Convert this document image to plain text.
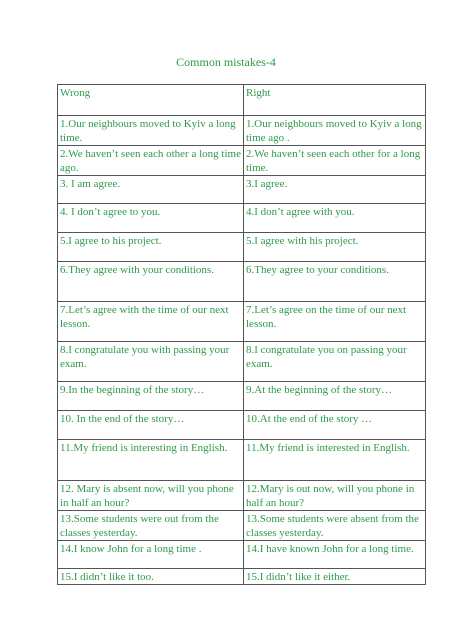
Common mistakes-4
Wrong	Right
1.Our neighbours moved to Kyiv a long time.	1.Our neighbours moved to Kyiv a long time ago .
2.We haven’t seen each other a long time ago.	2.We haven’t seen each other for a long time.
3. I am agree.	3.I agree.
4. I don’t agree to you.	4.I don’t agree with you.
5.I agree to his project.	5.I agree with his project.
6.They agree with your conditions.	6.They agree to your conditions.
7.Let’s agree with the time of our next lesson.	7.Let’s agree on the time of our next lesson.
8.I congratulate you with passing your exam.	8.I congratulate you on passing your exam.
9.In the beginning of the story…	9.At the beginning of the story…
10. In the end of the story…	10.At the end of the story …
11.My friend is interesting in English.	11.My friend is interested in English.
12. Mary is absent now, will you phone in half an hour?	12.Mary is out now, will you phone in half an hour?
13.Some students were out from the classes yesterday.	13.Some students were absent from the classes yesterday.
14.I know John for a long time .	14.I have known John for a long time.
15.I didn’t like it too.	15.I didn’t like it either.
